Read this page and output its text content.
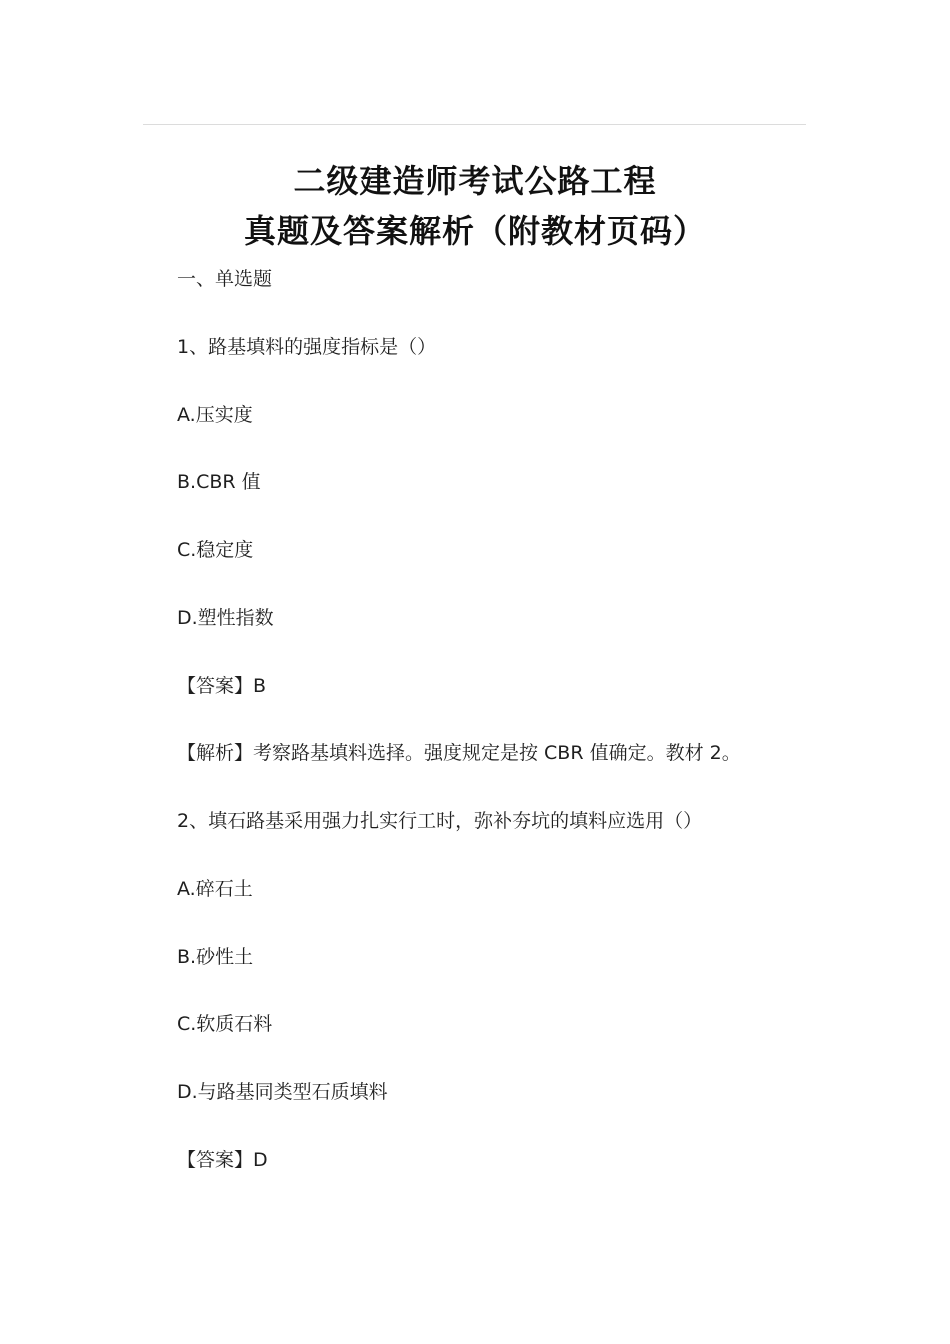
二级建造师考试公路工程
真题及答案解析（附教材页码）
一、单选题
1、路基填料的强度指标是（）
A.压实度
B.CBR 值
C.稳定度
D.塑性指数
【答案】B
【解析】考察路基填料选择。强度规定是按 CBR 值确定。教材 2。
2、填石路基采用强力扎实行工时，弥补夯坑的填料应选用（）
A.碎石土
B.砂性土
C.软质石料
D.与路基同类型石质填料
【答案】D
